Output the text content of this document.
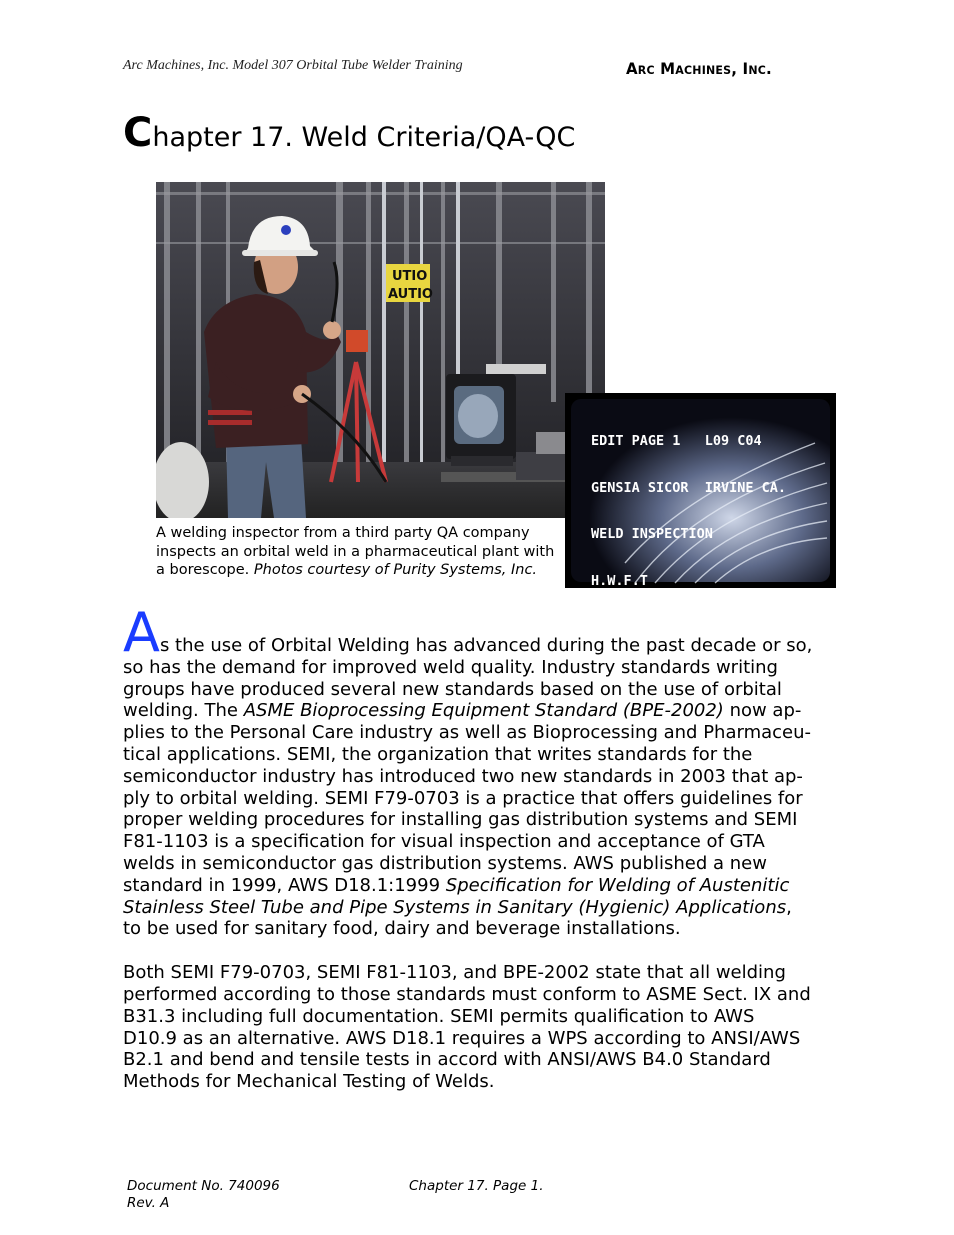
Arc Machines, Inc. Model 307 Orbital Tube Welder Training	Arc Machines, Inc.
Chapter 17. Weld Criteria/QA-QC
UTIO
AUTIO

EDIT PAGE 1   L09 C04

GENSIA SICOR  IRVINE CA.

WELD INSPECTION

H.W.F.T

A welding inspector from a third party QA company inspects an orbital weld in a pharmaceutical plant with a borescope. Photos courtesy of Purity Systems, Inc.

As the use of Orbital Welding has advanced during the past decade or so,
so has the demand for improved weld quality. Industry standards writing
groups have produced several new standards based on the use of orbital
welding. The ASME Bioprocessing Equipment Standard (BPE-2002) now ap-
plies to the Personal Care industry as well as Bioprocessing and Pharmaceu-
tical applications. SEMI, the organization that writes standards for the
semiconductor industry has introduced two new standards in 2003 that ap-
ply to orbital welding. SEMI F79-0703 is a practice that offers guidelines for
proper welding procedures for installing gas distribution systems and SEMI
F81-1103 is a specification for visual inspection and acceptance of GTA
welds in semiconductor gas distribution systems. AWS published a new
standard in 1999, AWS D18.1:1999 Specification for Welding of Austenitic
Stainless Steel Tube and Pipe Systems in Sanitary (Hygienic) Applications,
to be used for sanitary food, dairy and beverage installations.

Both SEMI F79-0703, SEMI F81-1103, and BPE-2002 state that all welding
performed according to those standards must conform to ASME Sect. IX and
B31.3 including full documentation. SEMI permits qualification to AWS
D10.9 as an alternative. AWS D18.1 requires a WPS according to ANSI/AWS
B2.1 and bend and tensile tests in accord with ANSI/AWS B4.0 Standard
Methods for Mechanical Testing of Welds.

Document No. 740096
Rev. A
Chapter 17. Page 1.
